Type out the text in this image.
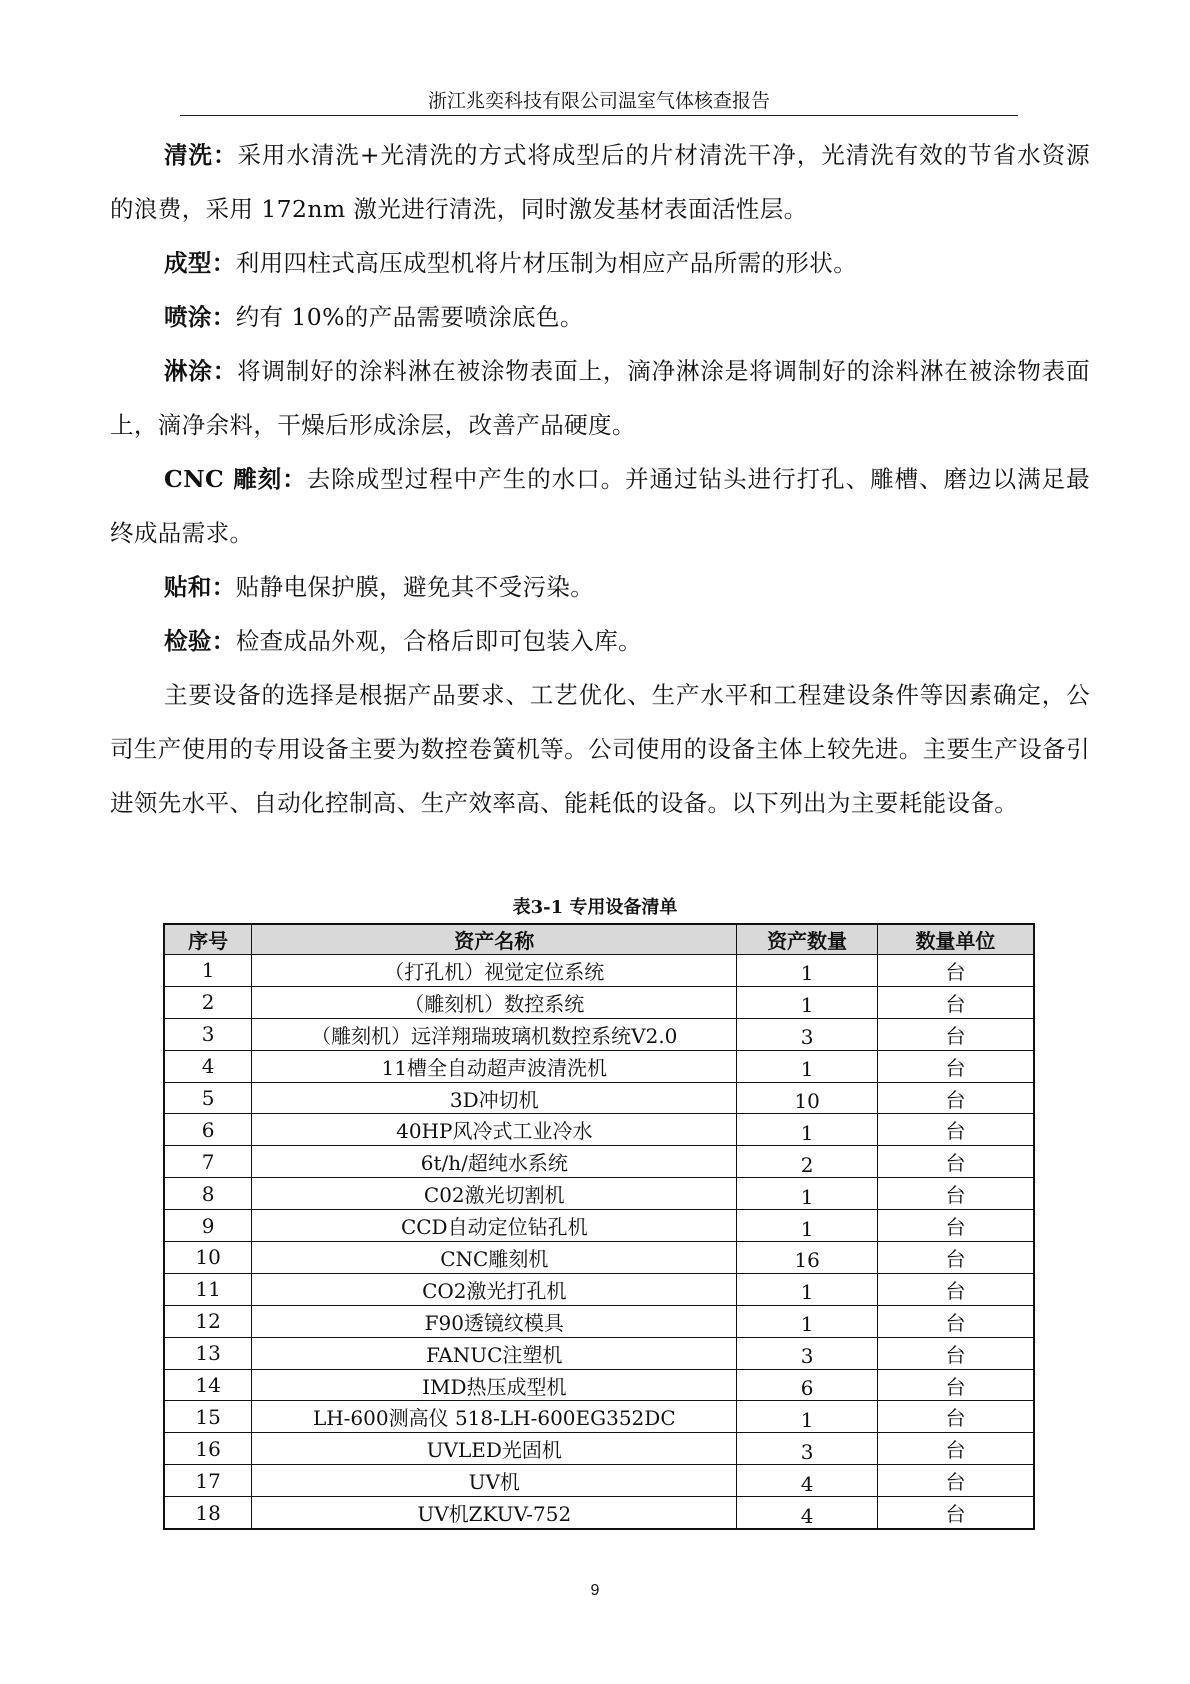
浙江兆奕科技有限公司温室气体核查报告

清洗：采用水清洗+光清洗的方式将成型后的片材清洗干净，光清洗有效的节省水资源的浪费，采用 172nm 激光进行清洗，同时激发基材表面活性层。

成型：利用四柱式高压成型机将片材压制为相应产品所需的形状。

喷涂：约有 10%的产品需要喷涂底色。

淋涂：将调制好的涂料淋在被涂物表面上，滴净淋涂是将调制好的涂料淋在被涂物表面上，滴净余料，干燥后形成涂层，改善产品硬度。

CNC 雕刻：去除成型过程中产生的水口。并通过钻头进行打孔、雕槽、磨边以满足最终成品需求。

贴和：贴静电保护膜，避免其不受污染。

检验：检查成品外观，合格后即可包装入库。

主要设备的选择是根据产品要求、工艺优化、生产水平和工程建设条件等因素确定，公司生产使用的专用设备主要为数控卷簧机等。公司使用的设备主体上较先进。主要生产设备引进领先水平、自动化控制高、生产效率高、能耗低的设备。以下列出为主要耗能设备。

表3-1 专用设备清单
序号	资产名称	资产数量	数量单位
1	（打孔机）视觉定位系统	1	台
2	（雕刻机）数控系统	1	台
3	（雕刻机）远洋翔瑞玻璃机数控系统V2.0	3	台
4	11槽全自动超声波清洗机	1	台
5	3D冲切机	10	台
6	40HP风冷式工业冷水	1	台
7	6t/h/超纯水系统	2	台
8	C02激光切割机	1	台
9	CCD自动定位钻孔机	1	台
10	CNC雕刻机	16	台
11	CO2激光打孔机	1	台
12	F90透镜纹模具	1	台
13	FANUC注塑机	3	台
14	IMD热压成型机	6	台
15	LH-600测高仪 518-LH-600EG352DC	1	台
16	UVLED光固机	3	台
17	UV机	4	台
18	UV机ZKUV-752	4	台
9
